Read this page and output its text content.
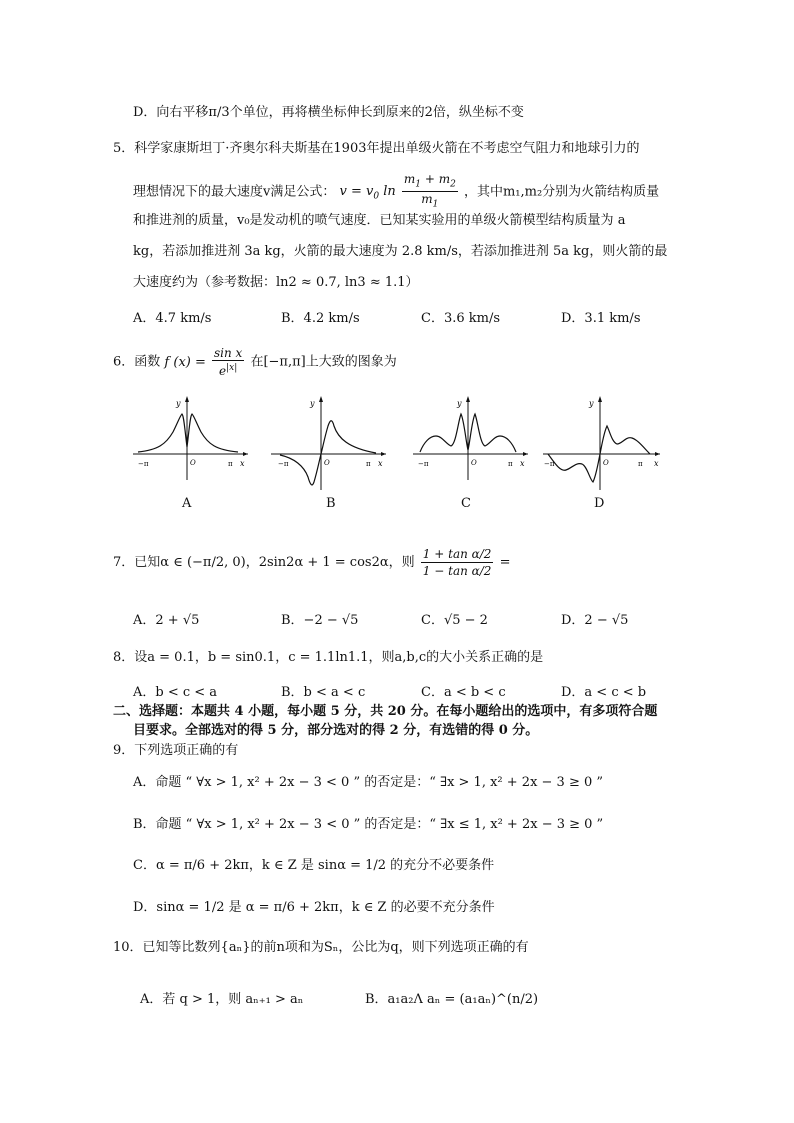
D．向右平移π/3个单位，再将横坐标伸长到原来的2倍，纵坐标不变
5．科学家康斯坦丁·齐奥尔科夫斯基在1903年提出单级火箭在不考虑空气阻力和地球引力的
理想情况下的最大速度v满足公式： $v = v_0$ $\ln \frac{m_1 + m_2}{m_1}$ ，其中m₁,m₂分别为火箭结构质量
和推进剂的质量，v₀是发动机的喷气速度．已知某实验用的单级火箭模型结构质量为 a
kg，若添加推进剂 3a kg，火箭的最大速度为 2.8 km/s，若添加推进剂 5a kg，则火箭的最
大速度约为（参考数据：ln2 ≈ 0.7, ln3 ≈ 1.1）
A．4.7 km/s	B．4.2 km/s	C．3.6 km/s	D．3.1 km/s
6．函数 f $(x) = \frac{\text{sin x}}{e^{|x|}}$ 在[−π,π]上大致的图象为
y
x
O
−π	π
A
y
x
O
−π	π
B
y
x
O
−π	π
C
y
x
O
−π	π
D
7．已知α ∈ (−π/2, 0)，2sin2α + 1 = cos2α，则 $\frac{\text{1 + tan α/2}}{\text{1 − tan α/2}}$ =
A．2 + √5	B．−2 − √5	C．√5 − 2	D．2 − √5
8．设a = 0.1，b = sin0.1，c = 1.1ln1.1，则a,b,c的大小关系正确的是
A．b < c < a	B．b < a < c	C．a < b < c	D．a < c < b
二、选择题：本题共 4 小题，每小题 5 分，共 20 分。在每小题给出的选项中，有多项符合题
目要求。全部选对的得 5 分，部分选对的得 2 分，有选错的得 0 分。
9．下列选项正确的有
A．命题 “ ∀x > 1, x² + 2x − 3 < 0 ” 的否定是：“ ∃x > 1, x² + 2x − 3 ≥ 0 ”
B．命题 “ ∀x > 1, x² + 2x − 3 < 0 ” 的否定是：“ ∃x ≤ 1, x² + 2x − 3 ≥ 0 ”
C．α = π/6 + 2kπ，k ∈ Z 是 sinα = 1/2 的充分不必要条件
D．sinα = 1/2 是 α = π/6 + 2kπ，k ∈ Z 的必要不充分条件
10．已知等比数列{aₙ}的前n项和为Sₙ，公比为q，则下列选项正确的有
A．若 q > 1，则 aₙ₊₁ > aₙ	B．a₁a₂Λ aₙ = (a₁aₙ)^(n/2)
